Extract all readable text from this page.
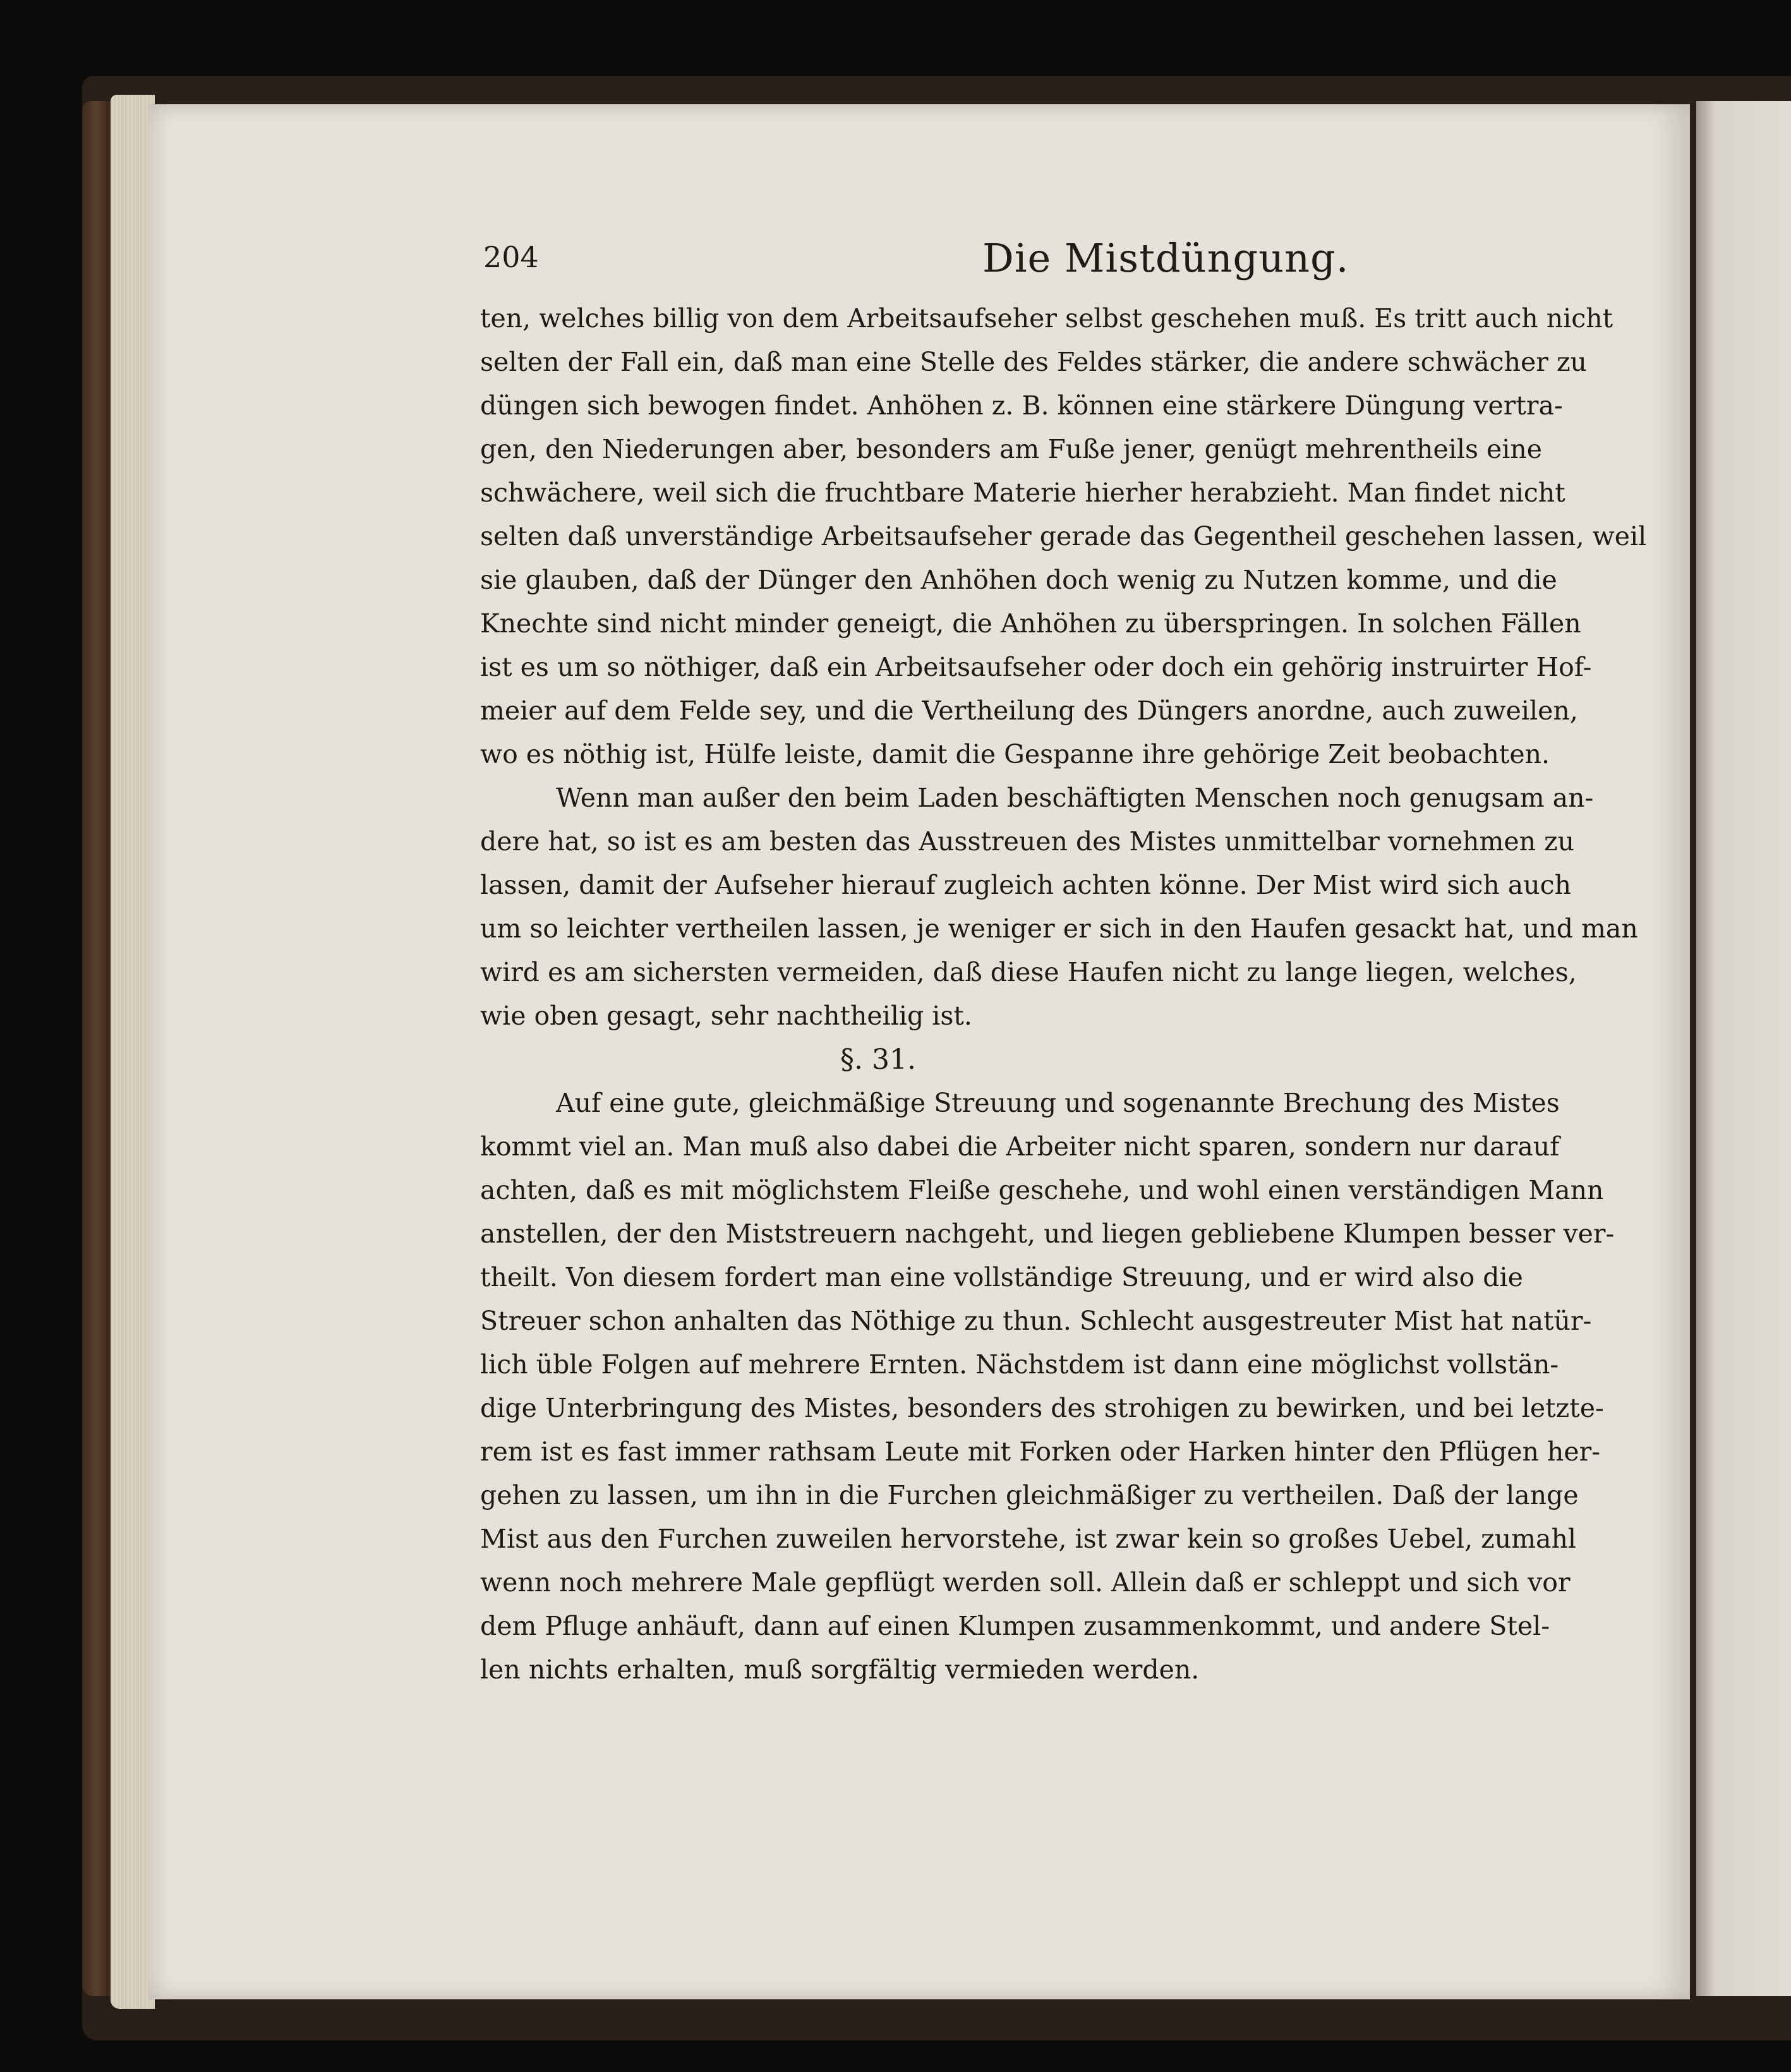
204	Die Mistdüngung.
ten, welches billig von dem Arbeitsaufseher selbst geschehen muß. Es tritt auch nicht
selten der Fall ein, daß man eine Stelle des Feldes stärker, die andere schwächer zu
düngen sich bewogen findet. Anhöhen z. B. können eine stärkere Düngung vertra-
gen, den Niederungen aber, besonders am Fuße jener, genügt mehrentheils eine
schwächere, weil sich die fruchtbare Materie hierher herabzieht. Man findet nicht
selten daß unverständige Arbeitsaufseher gerade das Gegentheil geschehen lassen, weil
sie glauben, daß der Dünger den Anhöhen doch wenig zu Nutzen komme, und die
Knechte sind nicht minder geneigt, die Anhöhen zu überspringen. In solchen Fällen
ist es um so nöthiger, daß ein Arbeitsaufseher oder doch ein gehörig instruirter Hof-
meier auf dem Felde sey, und die Vertheilung des Düngers anordne, auch zuweilen,
wo es nöthig ist, Hülfe leiste, damit die Gespanne ihre gehörige Zeit beobachten.
Wenn man außer den beim Laden beschäftigten Menschen noch genugsam an-
dere hat, so ist es am besten das Ausstreuen des Mistes unmittelbar vornehmen zu
lassen, damit der Aufseher hierauf zugleich achten könne. Der Mist wird sich auch
um so leichter vertheilen lassen, je weniger er sich in den Haufen gesackt hat, und man
wird es am sichersten vermeiden, daß diese Haufen nicht zu lange liegen, welches,
wie oben gesagt, sehr nachtheilig ist.
§. 31.
Auf eine gute, gleichmäßige Streuung und sogenannte Brechung des Mistes
kommt viel an. Man muß also dabei die Arbeiter nicht sparen, sondern nur darauf
achten, daß es mit möglichstem Fleiße geschehe, und wohl einen verständigen Mann
anstellen, der den Miststreuern nachgeht, und liegen gebliebene Klumpen besser ver-
theilt. Von diesem fordert man eine vollständige Streuung, und er wird also die
Streuer schon anhalten das Nöthige zu thun. Schlecht ausgestreuter Mist hat natür-
lich üble Folgen auf mehrere Ernten. Nächstdem ist dann eine möglichst vollstän-
dige Unterbringung des Mistes, besonders des strohigen zu bewirken, und bei letzte-
rem ist es fast immer rathsam Leute mit Forken oder Harken hinter den Pflügen her-
gehen zu lassen, um ihn in die Furchen gleichmäßiger zu vertheilen. Daß der lange
Mist aus den Furchen zuweilen hervorstehe, ist zwar kein so großes Uebel, zumahl
wenn noch mehrere Male gepflügt werden soll. Allein daß er schleppt und sich vor
dem Pfluge anhäuft, dann auf einen Klumpen zusammenkommt, und andere Stel-
len nichts erhalten, muß sorgfältig vermieden werden.
